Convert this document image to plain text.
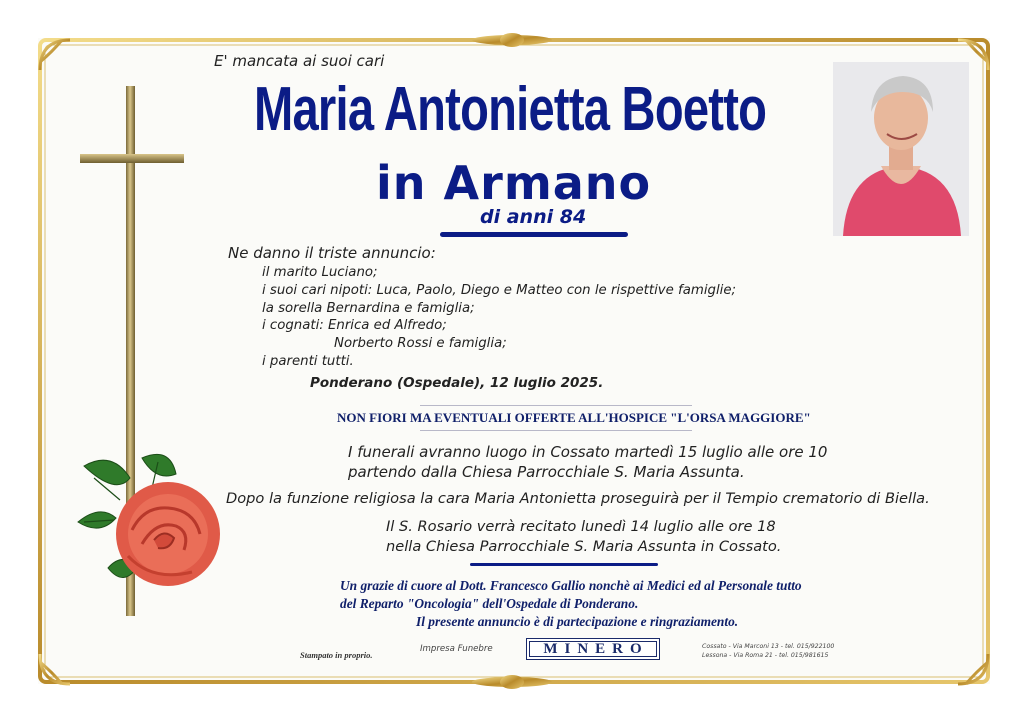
E' mancata ai suoi cari
Maria Antonietta Boetto
in Armano
di anni 84
Ne danno il triste annuncio:
il marito Luciano;
i suoi cari nipoti: Luca, Paolo, Diego e Matteo con le rispettive famiglie;
la sorella Bernardina e famiglia;
i cognati: Enrica ed Alfredo;
Norberto Rossi e famiglia;
i parenti tutti.
Ponderano (Ospedale), 12 luglio 2025.
NON FIORI MA EVENTUALI OFFERTE ALL'HOSPICE "L'ORSA MAGGIORE"
I funerali avranno luogo in Cossato martedì 15 luglio alle ore 10
partendo dalla Chiesa Parrocchiale S. Maria Assunta.
Dopo la funzione religiosa la cara Maria Antonietta proseguirà per il Tempio crematorio di Biella.
Il S. Rosario verrà recitato lunedì 14 luglio alle ore 18
nella Chiesa Parrocchiale S. Maria Assunta in Cossato.
Un grazie di cuore al Dott. Francesco Gallio nonchè ai Medici ed al Personale tutto
del Reparto "Oncologia" dell'Ospedale di Ponderano.
Il presente annuncio è di partecipazione e ringraziamento.
Stampato in proprio.
Impresa Funebre	MINERO	Cossato - Via Marconi 13 - tel. 015/922100
Lessona - Via Roma 21 - tel. 015/981615
